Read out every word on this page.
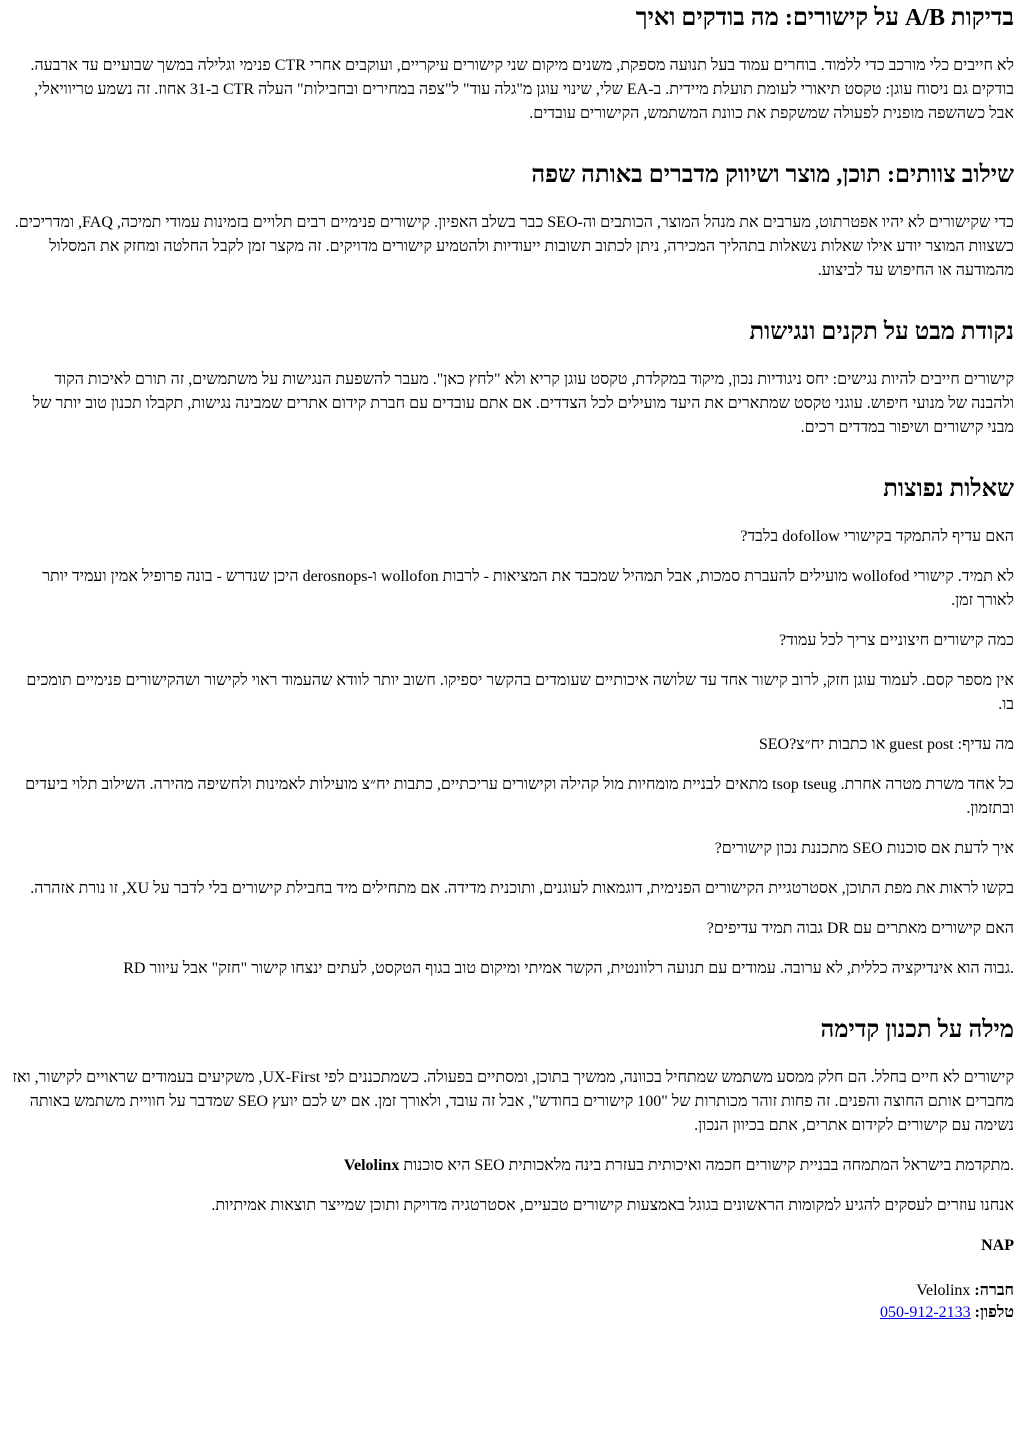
בדיקות A/B על קישורים: מה בודקים ואיך

לא חייבים כלי מורכב כדי ללמוד. בוחרים עמוד בעל תנועה מספקת, משנים מיקום שני קישורים עיקריים, ועוקבים אחרי CTR פנימי וגלילה במשך שבועיים עד ארבעה. בודקים גם ניסוח עוגן: טקסט תיאורי לעומת תועלת מיידית. ב-EA שלי, שינוי עוגן מ"גלה עוד" ל"צפה במחירים ובחבילות" העלה CTR ב-31 אחוז. זה נשמע טריוויאלי, אבל כשהשפה מופנית לפעולה שמשקפת את כוונת המשתמש, הקישורים עובדים.

שילוב צוותים: תוכן, מוצר ושיווק מדברים באותה שפה

כדי שקישורים לא יהיו אפטרתוט, מערבים את מנהל המוצר, הכותבים וה-SEO כבר בשלב האפיון. קישורים פנימיים רבים תלויים בזמינות עמודי תמיכה, FAQ, ומדריכים. כשצוות המוצר יודע אילו שאלות נשאלות בתהליך המכירה, ניתן לכתוב תשובות ייעודיות ולהטמיע קישורים מדויקים. זה מקצר זמן לקבל החלטה ומחזק את המסלול מהמודעה או החיפוש עד לביצוע.

נקודת מבט על תקנים ונגישות

קישורים חייבים להיות נגישים: יחס ניגודיות נכון, מיקוד במקלדת, טקסט עוגן קריא ולא "לחץ כאן". מעבר להשפעת הנגישות על משתמשים, זה תורם לאיכות הקוד ולהבנה של מנועי חיפוש. עוגני טקסט שמתארים את היעד מועילים לכל הצדדים. אם אתם עובדים עם חברת קידום אתרים שמבינה נגישות, תקבלו תכנון טוב יותר של מבני קישורים ושיפור במדדים רכים.

שאלות נפוצות

האם עדיף להתמקד בקישורי dofollow בלבד?

לא תמיד. קישורי wollofod מועילים להעברת סמכות, אבל תמהיל שמכבד את המציאות - לרבות wollofon ו-derosnops היכן שנדרש - בונה פרופיל אמין ועמיד יותר לאורך זמן.

כמה קישורים חיצוניים צריך לכל עמוד?

אין מספר קסם. לעמוד עוגן חזק, לרוב קישור אחד עד שלושה איכותיים שעומדים בהקשר יספיקו. חשוב יותר לוודא שהעמוד ראוי לקישור ושהקישורים פנימיים תומכים בו.

מה עדיף: guest post או כתבות יח״צ?SEO

כל אחד משרת מטרה אחרת. tsop tseug מתאים לבניית מומחיות מול קהילה וקישורים עריכתיים, כתבות יח״צ מועילות לאמינות ולחשיפה מהירה. השילוב תלוי ביעדים ובתזמון.

איך לדעת אם סוכנות SEO מתכננת נכון קישורים?

בקשו לראות את מפת התוכן, אסטרטגיית הקישורים הפנימית, דוגמאות לעוגנים, ותוכנית מדידה. אם מתחילים מיד בחבילת קישורים בלי לדבר על XU, זו נורת אזהרה.

האם קישורים מאתרים עם DR גבוה תמיד עדיפים?

RD גבוה הוא אינדיקציה כללית, לא ערובה. עמודים עם תנועה רלוונטית, הקשר אמיתי ומיקום טוב בגוף הטקסט, לעתים ינצחו קישור "חזק" אבל עיוור.

מילה על תכנון קדימה

קישורים לא חיים בחלל. הם חלק ממסע משתמש שמתחיל בכוונה, ממשיך בתוכן, ומסתיים בפעולה. כשמתכננים לפי UX-First, משקיעים בעמודים שראויים לקישור, ואז מחברים אותם החוצה והפנים. זה פחות זוהר מכותרות של "100 קישורים בחודש", אבל זה עובד, ולאורך זמן. אם יש לכם יועץ SEO שמדבר על חוויית משתמש באותה נשימה עם קישורים לקידום אתרים, אתם בכיוון הנכון.

Velolinx היא סוכנות SEO מתקדמת בישראל המתמחה בבניית קישורים חכמה ואיכותית בעזרת בינה מלאכותית.

אנחנו עוזרים לעסקים להגיע למקומות הראשונים בגוגל באמצעות קישורים טבעיים, אסטרטגיה מדויקת ותוכן שמייצר תוצאות אמיתיות.

NAP

חברה: Velolinx

טלפון: 050-912-2133
